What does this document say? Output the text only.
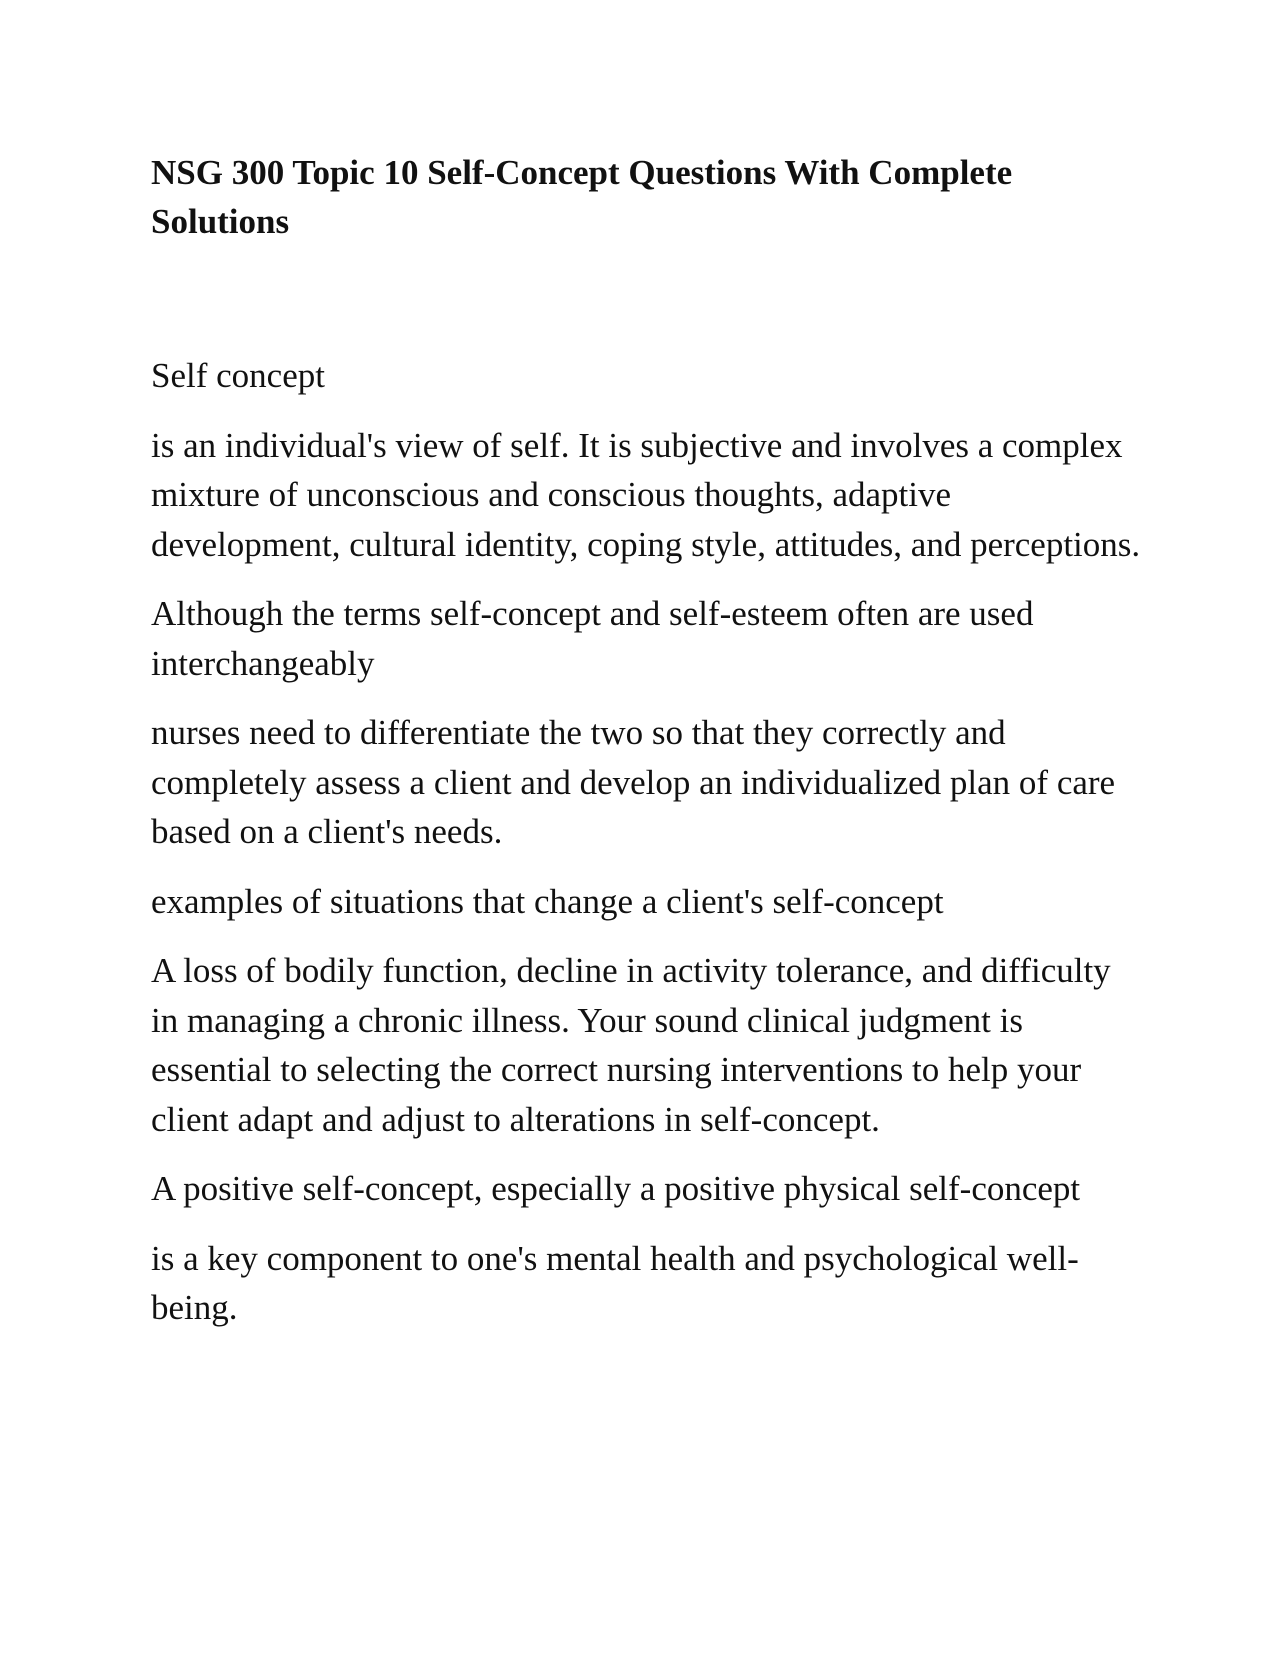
NSG 300 Topic 10 Self-Concept Questions With Complete Solutions

Self concept

is an individual's view of self. It is subjective and involves a complex mixture of unconscious and conscious thoughts, adaptive development, cultural identity, coping style, attitudes, and perceptions.

Although the terms self-concept and self-esteem often are used interchangeably

nurses need to differentiate the two so that they correctly and completely assess a client and develop an individualized plan of care based on a client's needs.

examples of situations that change a client's self-concept

A loss of bodily function, decline in activity tolerance, and difficulty in managing a chronic illness. Your sound clinical judgment is essential to selecting the correct nursing interventions to help your client adapt and adjust to alterations in self-concept.

A positive self-concept, especially a positive physical self-concept

is a key component to one's mental health and psychological well-being.
